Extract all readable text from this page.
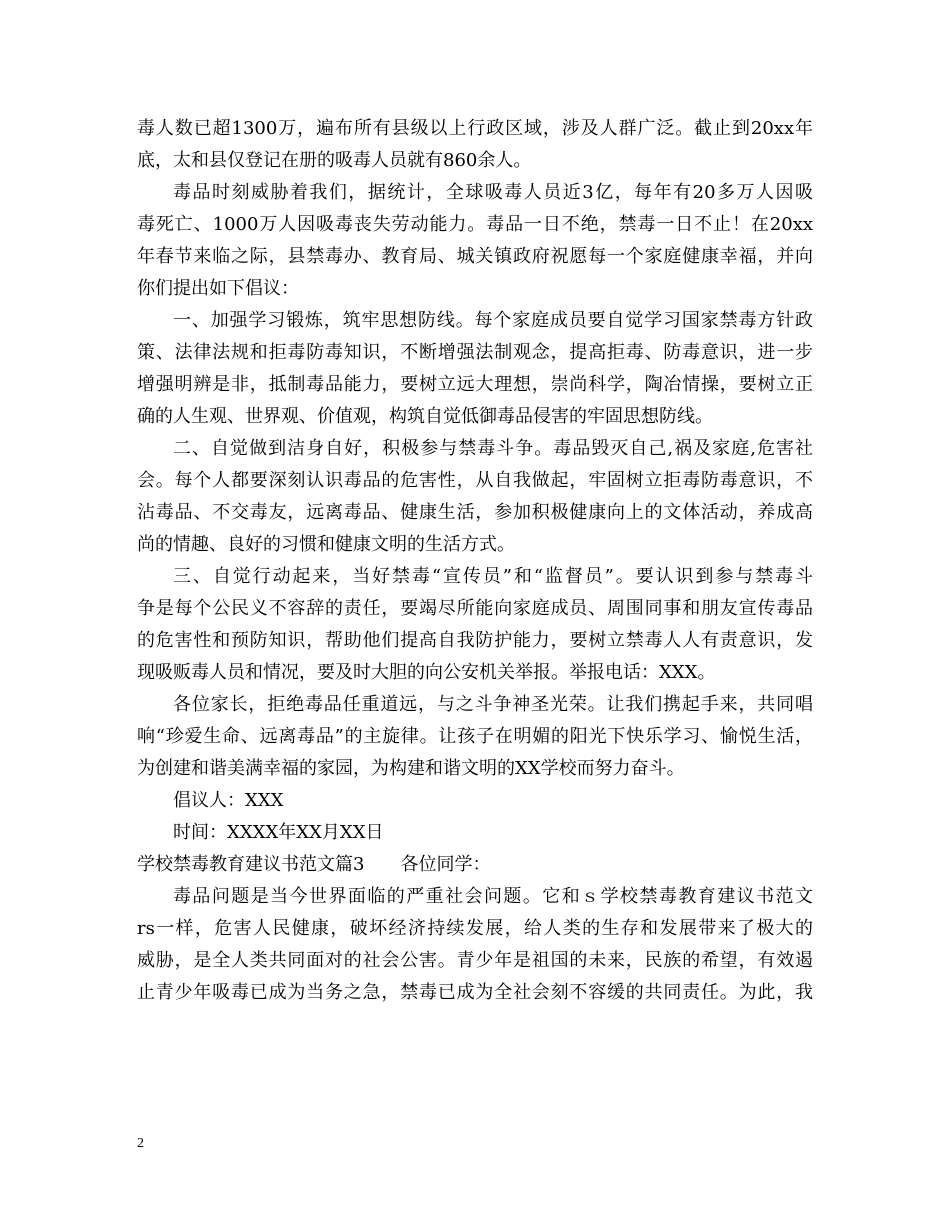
毒人数已超1300万，遍布所有县级以上行政区域，涉及人群广泛。截止到20xx年

底，太和县仅登记在册的吸毒人员就有860余人。

毒品时刻威胁着我们，据统计，全球吸毒人员近3亿，每年有20多万人因吸

毒死亡、1000万人因吸毒丧失劳动能力。毒品一日不绝，禁毒一日不止！在20xx

年春节来临之际，县禁毒办、教育局、城关镇政府祝愿每一个家庭健康幸福，并向

你们提出如下倡议：

一、加强学习锻炼，筑牢思想防线。每个家庭成员要自觉学习国家禁毒方针政

策、法律法规和拒毒防毒知识，不断增强法制观念，提高拒毒、防毒意识，进一步

增强明辨是非，抵制毒品能力，要树立远大理想，崇尚科学，陶冶情操，要树立正

确的人生观、世界观、价值观，构筑自觉低御毒品侵害的牢固思想防线。

二、自觉做到洁身自好，积极参与禁毒斗争。毒品毁灭自己,祸及家庭,危害社

会。每个人都要深刻认识毒品的危害性，从自我做起，牢固树立拒毒防毒意识，不

沾毒品、不交毒友，远离毒品、健康生活，参加积极健康向上的文体活动，养成高

尚的情趣、良好的习惯和健康文明的生活方式。

三、自觉行动起来，当好禁毒“宣传员”和“监督员”。要认识到参与禁毒斗

争是每个公民义不容辞的责任，要竭尽所能向家庭成员、周围同事和朋友宣传毒品

的危害性和预防知识，帮助他们提高自我防护能力，要树立禁毒人人有责意识，发

现吸贩毒人员和情况，要及时大胆的向公安机关举报。举报电话：XXX。

各位家长，拒绝毒品任重道远，与之斗争神圣光荣。让我们携起手来，共同唱

响“珍爱生命、远离毒品”的主旋律。让孩子在明媚的阳光下快乐学习、愉悦生活，

为创建和谐美满幸福的家园，为构建和谐文明的XX学校而努力奋斗。

倡议人：XXX

时间：XXXX年XX月XX日

学校禁毒教育建议书范文篇3　　各位同学：

毒品问题是当今世界面临的严重社会问题。它和ｓ学校禁毒教育建议书范文

rs一样，危害人民健康，破坏经济持续发展，给人类的生存和发展带来了极大的

威胁，是全人类共同面对的社会公害。青少年是祖国的未来，民族的希望，有效遏

止青少年吸毒已成为当务之急，禁毒已成为全社会刻不容缓的共同责任。为此，我

2
